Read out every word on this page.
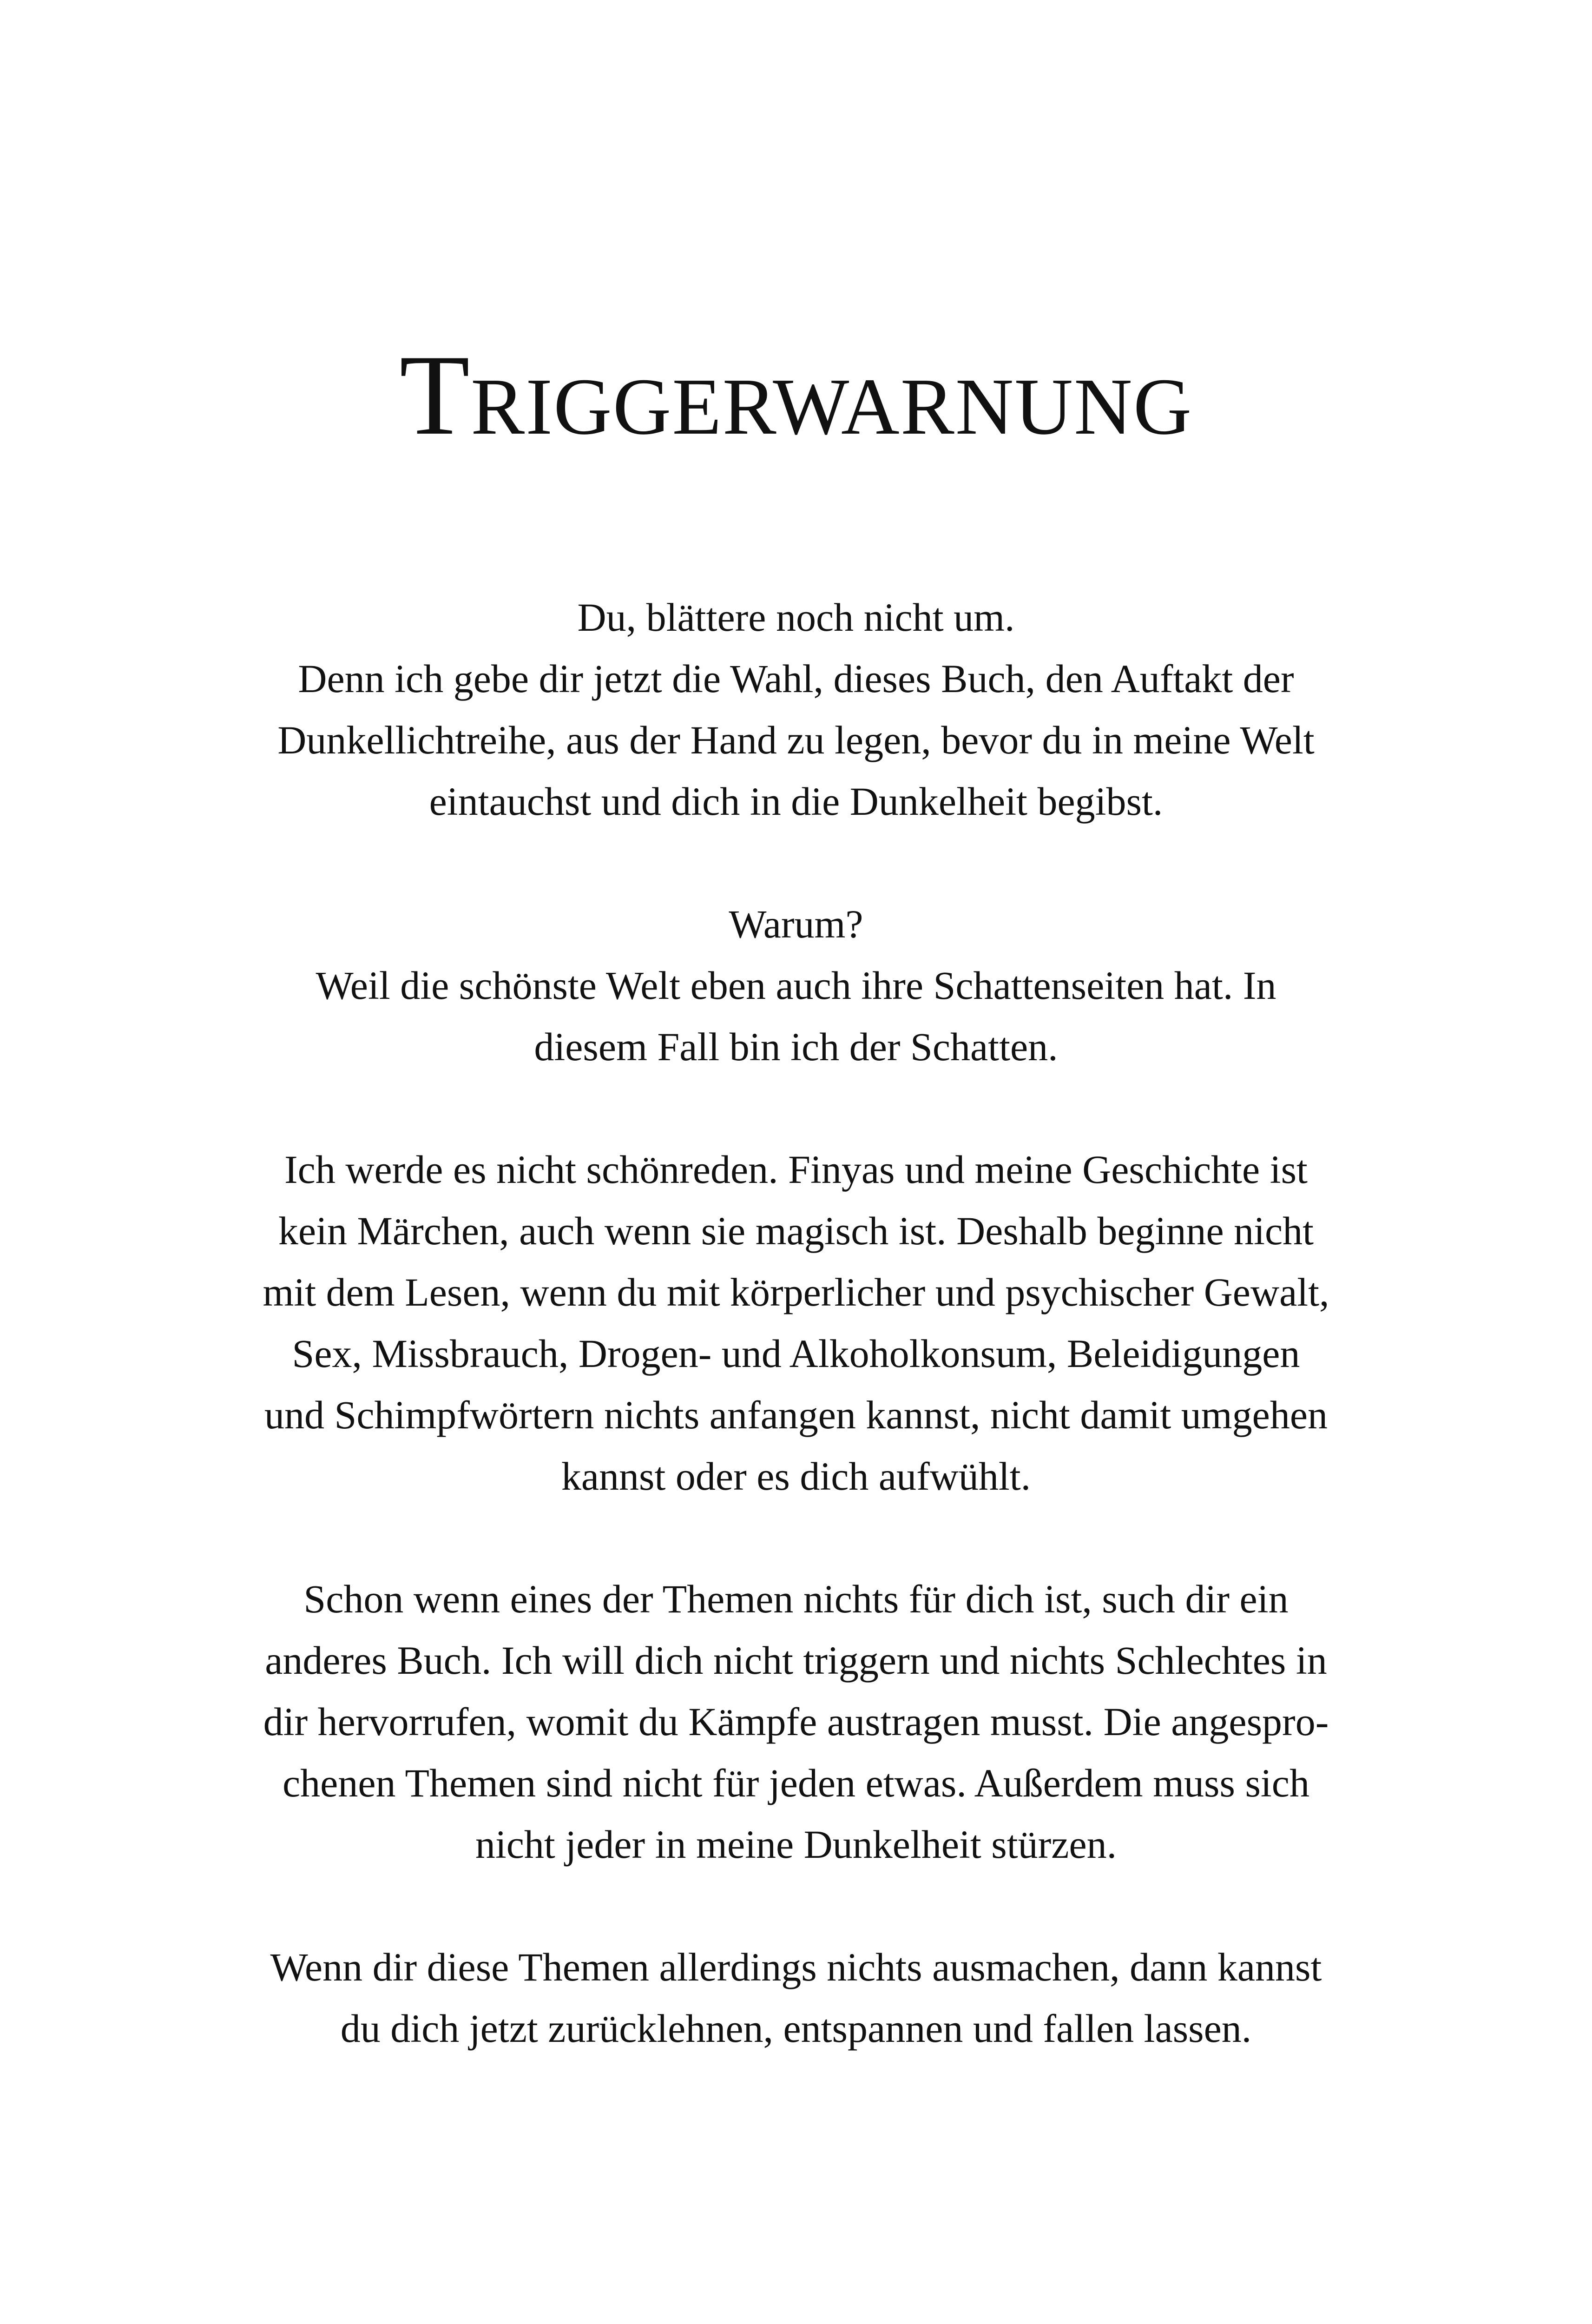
Triggerwarnung

Du, blättere noch nicht um.
Denn ich gebe dir jetzt die Wahl, dieses Buch, den Auftakt der
Dunkellichtreihe, aus der Hand zu legen, bevor du in meine Welt
eintauchst und dich in die Dunkelheit begibst.

Warum?
Weil die schönste Welt eben auch ihre Schattenseiten hat. In
diesem Fall bin ich der Schatten.

Ich werde es nicht schönreden. Finyas und meine Geschichte ist
kein Märchen, auch wenn sie magisch ist. Deshalb beginne nicht
mit dem Lesen, wenn du mit körperlicher und psychischer Gewalt,
Sex, Missbrauch, Drogen- und Alkoholkonsum, Beleidigungen
und Schimpfwörtern nichts anfangen kannst, nicht damit umgehen
kannst oder es dich aufwühlt.

Schon wenn eines der Themen nichts für dich ist, such dir ein
anderes Buch. Ich will dich nicht triggern und nichts Schlechtes in
dir hervorrufen, womit du Kämpfe austragen musst. Die angespro-
chenen Themen sind nicht für jeden etwas. Außerdem muss sich
nicht jeder in meine Dunkelheit stürzen.

Wenn dir diese Themen allerdings nichts ausmachen, dann kannst
du dich jetzt zurücklehnen, entspannen und fallen lassen.
